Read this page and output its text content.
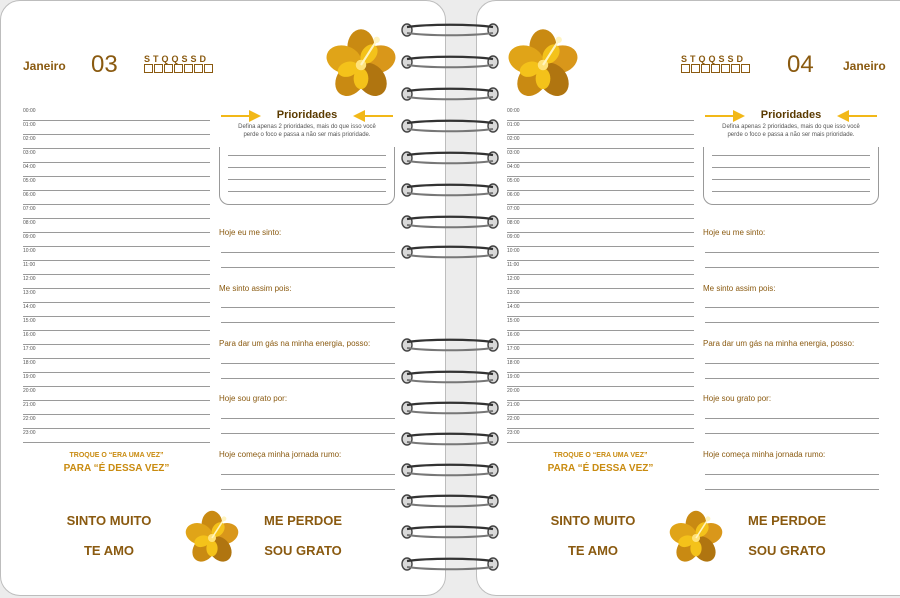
Janeiro 03	STQQSSD
00:00
01:00
02:00
03:00
04:00
05:00
06:00
07:00
08:00
09:00
10:00
11:00
12:00
13:00
14:00
15:00
16:00
17:00
18:00
19:00
20:00
21:00
22:00
23:00
Prioridades
Defina apenas 2 prioridades, mais do que isso você
perde o foco e passa a não ser mais prioridade.
Hoje eu me sinto:
Me sinto assim pois:
Para dar um gás na minha energia, posso:
Hoje sou grato por:
Hoje começa minha jornada rumo:
TROQUE O “ERA UMA VEZ”
PARA “É DESSA VEZ”
SINTO MUITO
TE AMO
ME PERDOE
SOU GRATO
STQQSSD 04 Janeiro
00:00
01:00
02:00
03:00
04:00
05:00
06:00
07:00
08:00
09:00
10:00
11:00
12:00
13:00
14:00
15:00
16:00
17:00
18:00
19:00
20:00
21:00
22:00
23:00
Prioridades
Defina apenas 2 prioridades, mais do que isso você
perde o foco e passa a não ser mais prioridade.
Hoje eu me sinto:
Me sinto assim pois:
Para dar um gás na minha energia, posso:
Hoje sou grato por:
Hoje começa minha jornada rumo:
TROQUE O “ERA UMA VEZ”
PARA “É DESSA VEZ”
SINTO MUITO
TE AMO
ME PERDOE
SOU GRATO
